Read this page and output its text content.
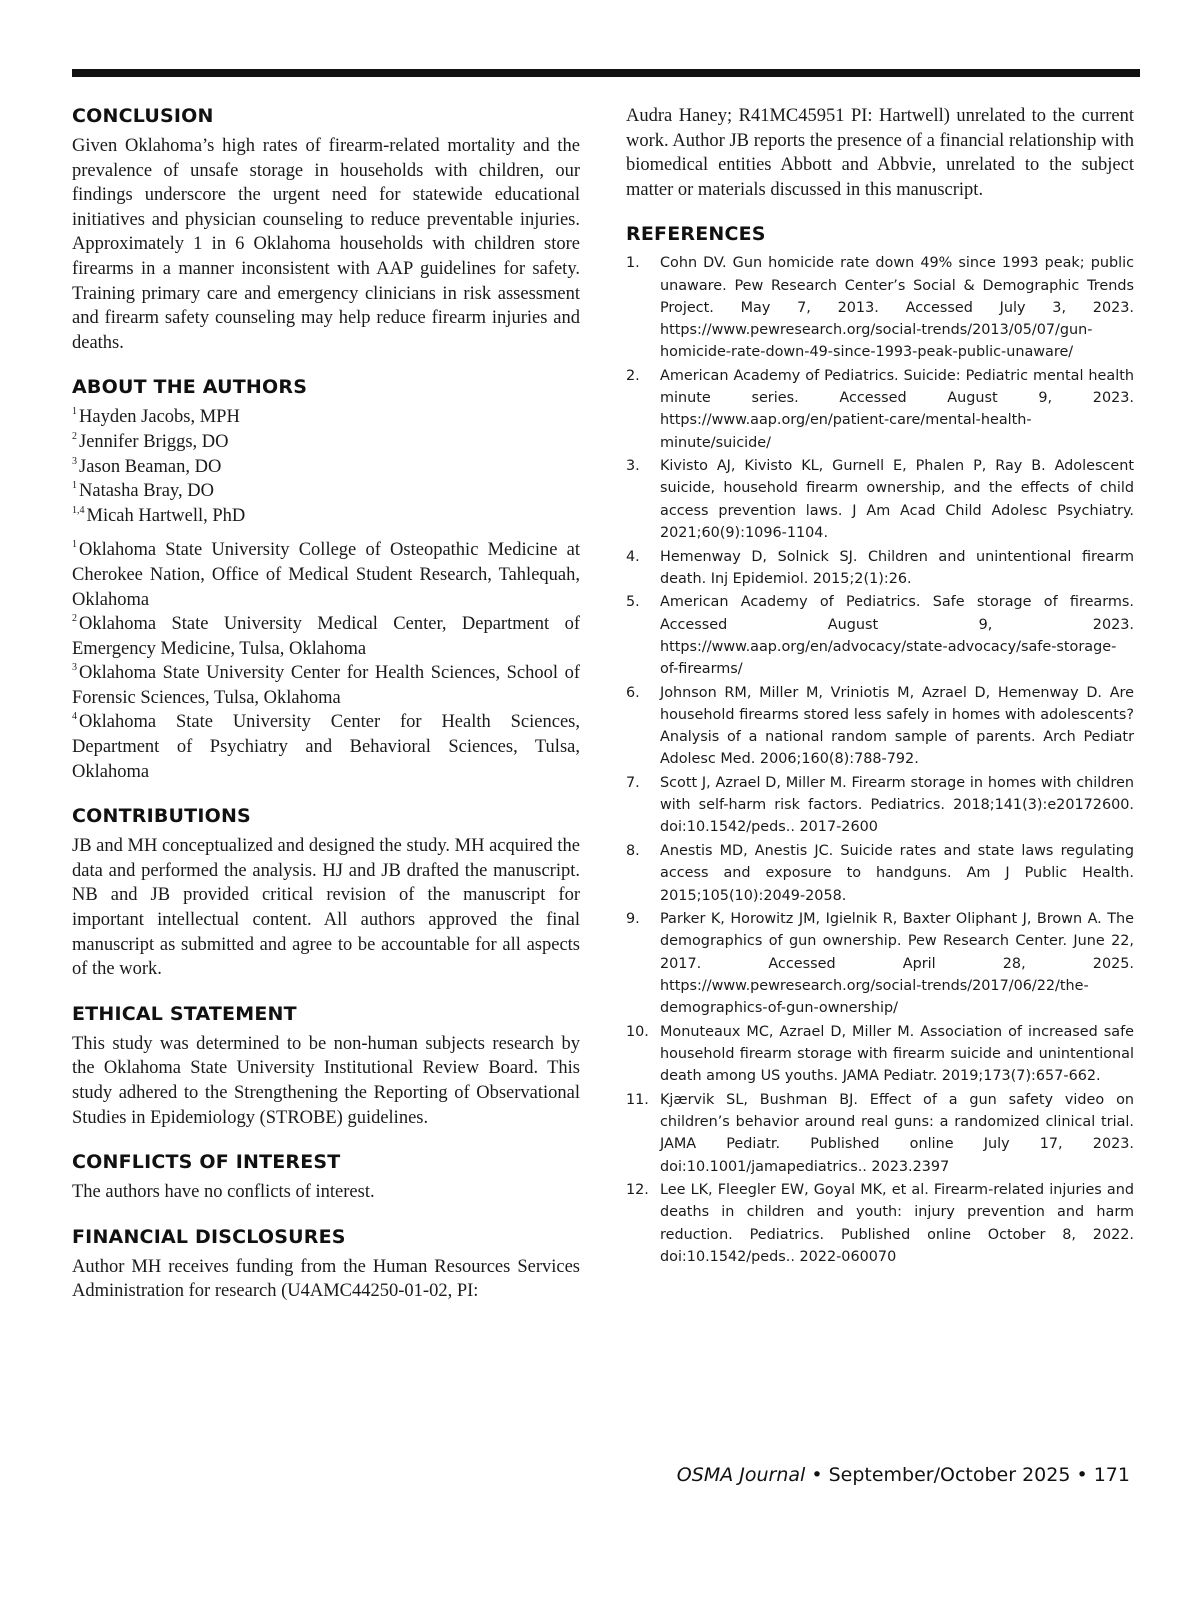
CONCLUSION

Given Oklahoma’s high rates of firearm-related mortality and the prevalence of unsafe storage in households with children, our findings underscore the urgent need for statewide educational initiatives and physician counseling to reduce preventable injuries. Approximately 1 in 6 Oklahoma households with children store firearms in a manner inconsistent with AAP guidelines for safety. Training primary care and emergency clinicians in risk assessment and firearm safety counseling may help reduce firearm injuries and deaths.

ABOUT THE AUTHORS

$^1$ Hayden Jacobs, MPH

$^2$ Jennifer Briggs, DO

$^3$ Jason Beaman, DO

$^1$ Natasha Bray, DO

$^{1,4}$ Micah Hartwell, PhD

$^1$ Oklahoma State University College of Osteopathic Medicine at Cherokee Nation, Office of Medical Student Research, Tahlequah, Oklahoma

$^2$ Oklahoma State University Medical Center, Department of Emergency Medicine, Tulsa, Oklahoma

$^3$ Oklahoma State University Center for Health Sciences, School of Forensic Sciences, Tulsa, Oklahoma

$^4$ Oklahoma State University Center for Health Sciences, Department of Psychiatry and Behavioral Sciences, Tulsa, Oklahoma

CONTRIBUTIONS

JB and MH conceptualized and designed the study. MH acquired the data and performed the analysis. HJ and JB drafted the manuscript. NB and JB provided critical revision of the manuscript for important intellectual content. All authors approved the final manuscript as submitted and agree to be accountable for all aspects of the work.

ETHICAL STATEMENT

This study was determined to be non-human subjects research by the Oklahoma State University Institutional Review Board. This study adhered to the Strengthening the Reporting of Observational Studies in Epidemiology (STROBE) guidelines.

CONFLICTS OF INTEREST

The authors have no conflicts of interest.

FINANCIAL DISCLOSURES

Author MH receives funding from the Human Resources Services Administration for research (U4AMC44250-01-02, PI:

Audra Haney; R41MC45951 PI: Hartwell) unrelated to the current work. Author JB reports the presence of a financial relationship with biomedical entities Abbott and Abbvie, unrelated to the subject matter or materials discussed in this manuscript.

REFERENCES
1.	Cohn DV. Gun homicide rate down 49% since 1993 peak; public unaware. Pew Research Center’s Social & Demographic Trends Project. May 7, 2013. Accessed July 3, 2023. https://www.pewresearch.org/social-trends/2013/05/07/gun-homicide-rate-down-49-since-1993-peak-public-unaware/
2.	American Academy of Pediatrics. Suicide: Pediatric mental health minute series. Accessed August 9, 2023. https://www.aap.org/en/patient-care/mental-health-minute/suicide/
3.	Kivisto AJ, Kivisto KL, Gurnell E, Phalen P, Ray B. Adolescent suicide, household firearm ownership, and the effects of child access prevention laws. J Am Acad Child Adolesc Psychiatry. 2021;60(9):1096-1104.
4.	Hemenway D, Solnick SJ. Children and unintentional firearm death. Inj Epidemiol. 2015;2(1):26.
5.	American Academy of Pediatrics. Safe storage of firearms. Accessed August 9, 2023. https://www.aap.org/en/advocacy/state-advocacy/safe-storage-of-firearms/
6.	Johnson RM, Miller M, Vriniotis M, Azrael D, Hemenway D. Are household firearms stored less safely in homes with adolescents? Analysis of a national random sample of parents. Arch Pediatr Adolesc Med. 2006;160(8):788-792.
7.	Scott J, Azrael D, Miller M. Firearm storage in homes with children with self-harm risk factors. Pediatrics. 2018;141(3):e20172600. doi:10.1542/peds.. 2017-2600
8.	Anestis MD, Anestis JC. Suicide rates and state laws regulating access and exposure to handguns. Am J Public Health. 2015;105(10):2049-2058.
9.	Parker K, Horowitz JM, Igielnik R, Baxter Oliphant J, Brown A. The demographics of gun ownership. Pew Research Center. June 22, 2017. Accessed April 28, 2025. https://www.pewresearch.org/social-trends/2017/06/22/the-demographics-of-gun-ownership/
10. Monuteaux MC, Azrael D, Miller M. Association of increased safe household firearm storage with firearm suicide and unintentional death among US youths. JAMA Pediatr. 2019;173(7):657-662.
11. Kjærvik SL, Bushman BJ. Effect of a gun safety video on children’s behavior around real guns: a randomized clinical trial. JAMA Pediatr. Published online July 17, 2023. doi:10.1001/jamapediatrics.. 2023.2397
12. Lee LK, Fleegler EW, Goyal MK, et al. Firearm-related injuries and deaths in children and youth: injury prevention and harm reduction. Pediatrics. Published online October 8, 2022. doi:10.1542/peds.. 2022-060070
OSMA Journal • September/October 2025 • 171
